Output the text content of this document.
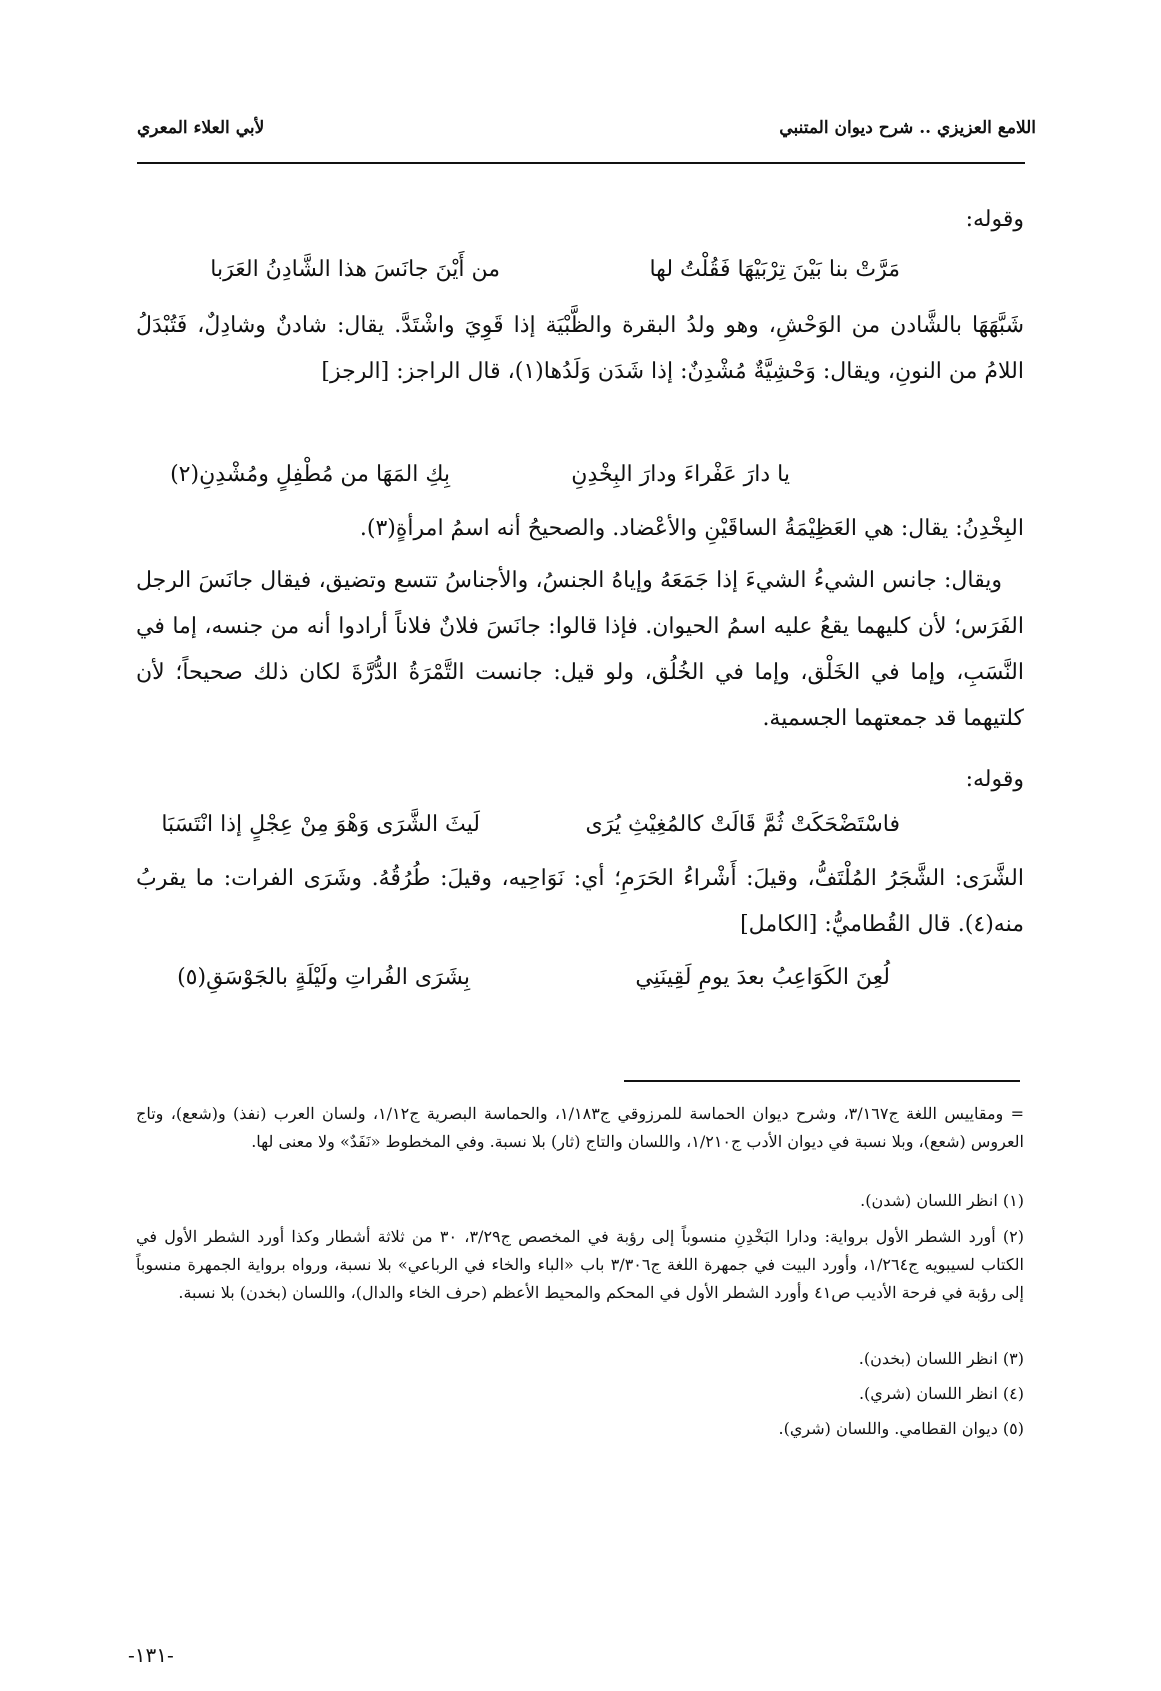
اللامع العزيزي .. شرح ديوان المتنبي
لأبي العلاء المعري
وقوله:
مَرَّتْ بنا بَيْنَ تِرْبَيْهَا فَقُلْتُ لها
من أَيْنَ جانَسَ هذا الشَّادِنُ العَرَبا
شَبَّهَهَا بالشَّادن من الوَحْشِ، وهو ولدُ البقرة والظَّبْيَة إذا قَوِيَ واشْتَدَّ. يقال: شادنٌ وشادِلٌ، فَتُبْدَلُ اللامُ من النونِ، ويقال: وَحْشِيَّةٌ مُشْدِنٌ: إذا شَدَن وَلَدُها(١)، قال الراجز: [الرجز]
يا دارَ عَفْراءَ ودارَ البِخْدِنِ
بِكِ المَهَا من مُطْفِلٍ ومُشْدِنِ(٢)
البِخْدِنُ: يقال: هي العَظِيْمَةُ الساقَيْنِ والأعْضاد. والصحيحُ أنه اسمُ امرأةٍ(٣).
ويقال: جانس الشيءُ الشيءَ إذا جَمَعَهُ وإياهُ الجنسُ، والأجناسُ تتسع وتضيق، فيقال جانَسَ الرجل الفَرَس؛ لأن كليهما يقعُ عليه اسمُ الحيوان. فإذا قالوا: جانَسَ فلانٌ فلاناً أرادوا أنه من جنسه، إما في النَّسَبِ، وإما في الخَلْق، وإما في الخُلُق، ولو قيل: جانست التَّمْرَةُ الدُّرَّةَ لكان ذلك صحيحاً؛ لأن كلتيهما قد جمعتهما الجسمية.
وقوله:
فاسْتَضْحَكَتْ ثُمَّ قَالَتْ كالمُغِيْثِ يُرَى
لَيثَ الشَّرَى وَهْوَ مِنْ عِجْلٍ إذا انْتَسَبَا
الشَّرَى: الشَّجَرُ المُلْتَفُّ، وقيلَ: أَشْراءُ الحَرَمِ؛ أي: نَوَاحِيه، وقيلَ: طُرُقُهُ. وشَرَى الفرات: ما يقربُ منه(٤). قال القُطاميُّ: [الكامل]
لُعِنَ الكَوَاعِبُ بعدَ يومِ لَقِينَنِي
بِشَرَى الفُراتِ ولَيْلَةٍ بالجَوْسَقِ(٥)
= ومقاييس اللغة ج٣/١٦٧، وشرح ديوان الحماسة للمرزوقي ج١/١٨٣، والحماسة البصرية ج١/١٢، ولسان العرب (نفذ) و(شعع)، وتاج العروس (شعع)، وبلا نسبة في ديوان الأدب ج١/٢١٠، واللسان والتاج (ثار) بلا نسبة. وفي المخطوط «نَفَدٌ» ولا معنى لها.
(١) انظر اللسان (شدن).
(٢) أورد الشطر الأول برواية: ودارا البَخْدِنِ منسوباً إلى رؤبة في المخصص ج٣/٢٩، ٣٠ من ثلاثة أشطار وكذا أورد الشطر الأول في الكتاب لسيبويه ج١/٢٦٤، وأورد البيت في جمهرة اللغة ج٣/٣٠٦ باب «الباء والخاء في الرباعي» بلا نسبة، ورواه برواية الجمهرة منسوباً إلى رؤبة في فرحة الأديب ص٤١ وأورد الشطر الأول في المحكم والمحيط الأعظم (حرف الخاء والدال)، واللسان (بخدن) بلا نسبة.
(٣) انظر اللسان (بخدن).
(٤) انظر اللسان (شري).
(٥) ديوان القطامي. واللسان (شري).
-١٣١-
